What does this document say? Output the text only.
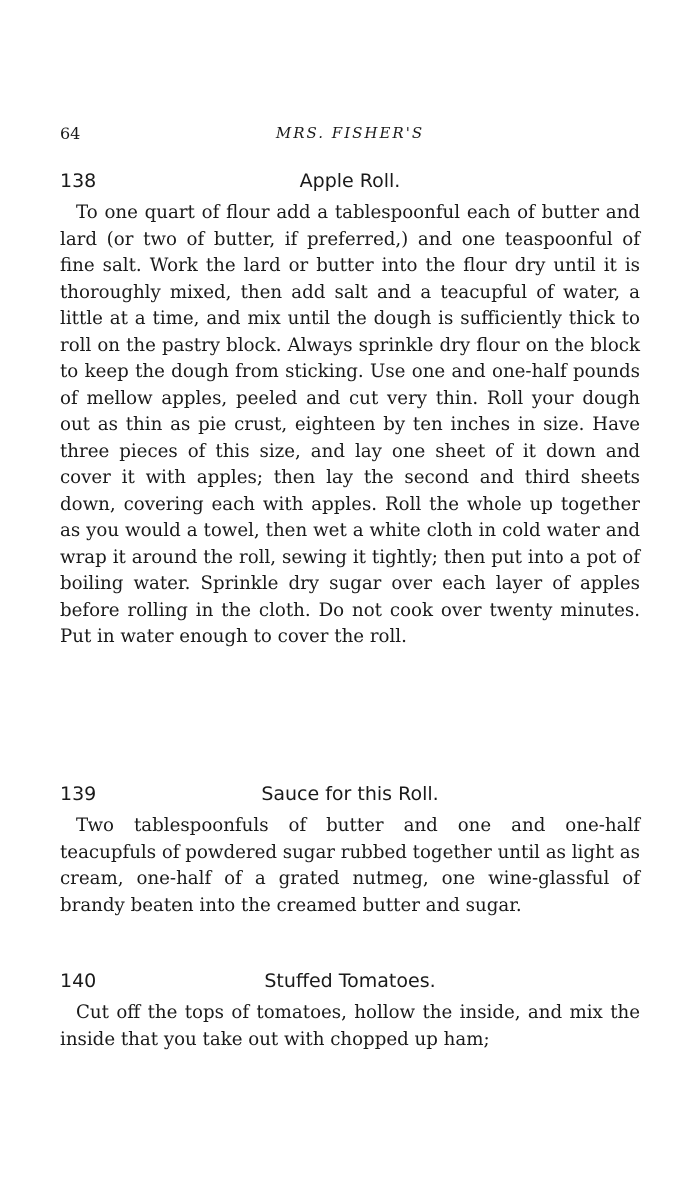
64	MRS. FISHER'S
138	Apple Roll.

To one quart of flour add a tablespoonful each of butter and lard (or two of butter, if preferred,) and one teaspoonful of fine salt. Work the lard or butter into the flour dry until it is thoroughly mixed, then add salt and a teacupful of water, a little at a time, and mix until the dough is sufficiently thick to roll on the pastry block. Always sprinkle dry flour on the block to keep the dough from sticking. Use one and one-half pounds of mellow apples, peeled and cut very thin. Roll your dough out as thin as pie crust, eighteen by ten inches in size. Have three pieces of this size, and lay one sheet of it down and cover it with apples; then lay the second and third sheets down, covering each with apples. Roll the whole up together as you would a towel, then wet a white cloth in cold water and wrap it around the roll, sewing it tightly; then put into a pot of boiling water. Sprinkle dry sugar over each layer of apples before rolling in the cloth. Do not cook over twenty minutes. Put in water enough to cover the roll.

139	Sauce for this Roll.

Two tablespoonfuls of butter and one and one-half teacupfuls of powdered sugar rubbed together until as light as cream, one-half of a grated nutmeg, one wine-glassful of brandy beaten into the creamed butter and sugar.

140	Stuffed Tomatoes.

Cut off the tops of tomatoes, hollow the inside, and mix the inside that you take out with chopped up ham;
